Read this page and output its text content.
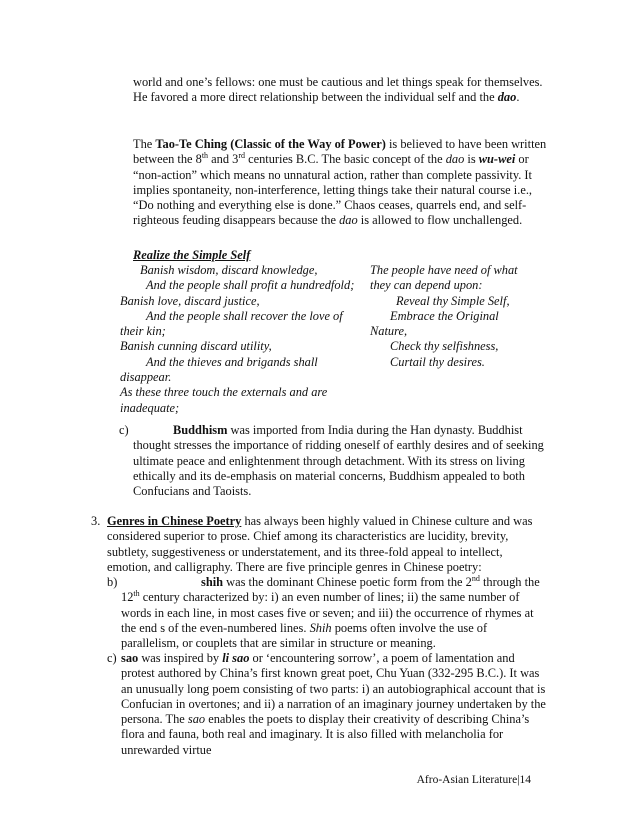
world and one’s fellows: one must be cautious and let things speak for themselves. He favored a more direct relationship between the individual self and the dao.

The Tao-Te Ching (Classic of the Way of Power) is believed to have been written between the 8th and 3rd centuries B.C. The basic concept of the dao is wu-wei or “non-action” which means no unnatural action, rather than complete passivity. It implies spontaneity, non-interference, letting things take their natural course i.e., “Do nothing and everything else is done.” Chaos ceases, quarrels end, and self-righteous feuding disappears because the dao is allowed to flow unchallenged.

Realize the Simple Self

Banish wisdom, discard knowledge,
And the people shall profit a hundredfold;
Banish love, discard justice,
And the people shall recover the love of
their kin;
Banish cunning discard utility,
And the thieves and brigands shall
disappear.
As these three touch the externals and are
inadequate;
The people have need of what
they can depend upon:
Reveal thy Simple Self,
Embrace the Original
Nature,
Check thy selfishness,
Curtail thy desires.
c)	Buddhism was imported from India during the Han dynasty. Buddhist thought stresses the importance of ridding oneself of earthly desires and of seeking ultimate peace and enlightenment through detachment. With its stress on living ethically and its de-emphasis on material concerns, Buddhism appealed to both Confucians and Taoists.

3. Genres in Chinese Poetry has always been highly valued in Chinese culture and was considered superior to prose. Chief among its characteristics are lucidity, brevity, subtlety, suggestiveness or understatement, and its three-fold appeal to intellect, emotion, and calligraphy. There are five principle genres in Chinese poetry:

b)	shih was the dominant Chinese poetic form from the 2nd through the 12th century characterized by: i) an even number of lines; ii) the same number of words in each line, in most cases five or seven; and iii) the occurrence of rhymes at the end s of the even-numbered lines. Shih poems often involve the use of parallelism, or couplets that are similar in structure or meaning.

c) sao was inspired by li sao or ‘encountering sorrow’, a poem of lamentation and protest authored by China’s first known great poet, Chu Yuan (332-295 B.C.). It was an unusually long poem consisting of two parts: i) an autobiographical account that is Confucian in overtones; and ii) a narration of an imaginary journey undertaken by the persona. The sao enables the poets to display their creativity of describing China’s flora and fauna, both real and imaginary. It is also filled with melancholia for unrewarded virtue

Afro-Asian Literature|14
